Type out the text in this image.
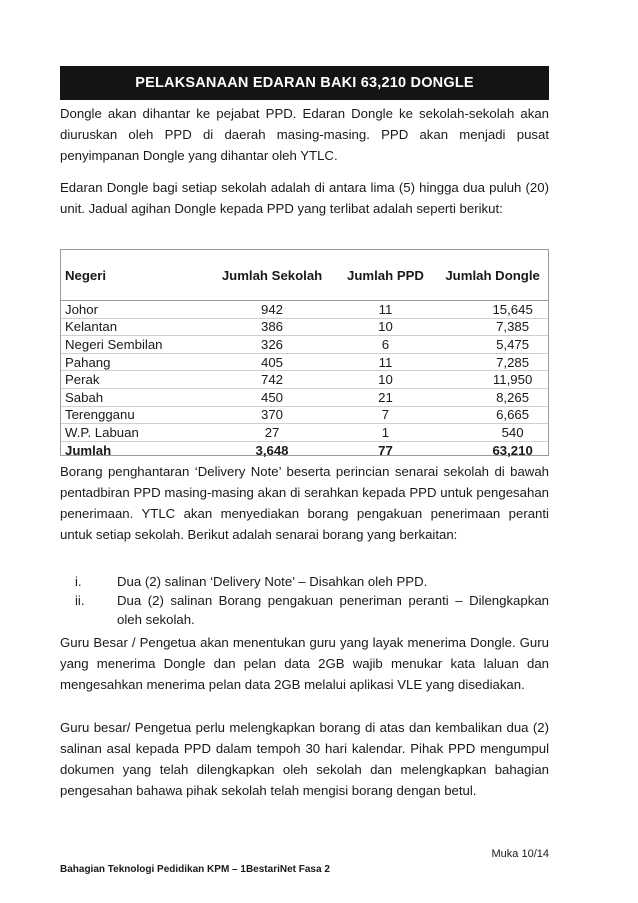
PELAKSANAAN EDARAN BAKI 63,210 DONGLE

Dongle akan dihantar ke pejabat PPD. Edaran Dongle ke sekolah-sekolah akan diuruskan oleh PPD di daerah masing-masing. PPD akan menjadi pusat penyimpanan Dongle yang dihantar oleh YTLC.

Edaran Dongle bagi setiap sekolah adalah di antara lima (5) hingga dua puluh (20) unit. Jadual agihan Dongle kepada PPD yang terlibat adalah seperti berikut:

Negeri	Jumlah Sekolah	Jumlah PPD	Jumlah Dongle
Johor	942	11	15,645
Kelantan	386	10	7,385
Negeri Sembilan	326	6	5,475
Pahang	405	11	7,285
Perak	742	10	11,950
Sabah	450	21	8,265
Terengganu	370	7	6,665
W.P. Labuan	27	1	540
Jumlah	3,648	77	63,210

Borang penghantaran ‘Delivery Note’ beserta perincian senarai sekolah di bawah pentadbiran PPD masing-masing akan di serahkan kepada PPD untuk pengesahan penerimaan. YTLC akan menyediakan borang pengakuan penerimaan peranti untuk setiap sekolah. Berikut adalah senarai borang yang berkaitan:

i.	Dua (2) salinan ‘Delivery Note’ – Disahkan oleh PPD.
ii. Dua (2) salinan Borang pengakuan peneriman peranti – Dilengkapkan oleh sekolah.

Guru Besar / Pengetua akan menentukan guru yang layak menerima Dongle. Guru yang menerima Dongle dan pelan data 2GB wajib menukar kata laluan dan mengesahkan menerima pelan data 2GB melalui aplikasi VLE yang disediakan.

Guru besar/ Pengetua perlu melengkapkan borang di atas dan kembalikan dua (2) salinan asal kepada PPD dalam tempoh 30 hari kalendar. Pihak PPD mengumpul dokumen yang telah dilengkapkan oleh sekolah dan melengkapkan bahagian pengesahan bahawa pihak sekolah telah mengisi borang dengan betul.

Muka 10/14
Bahagian Teknologi Pedidikan KPM – 1BestariNet Fasa 2
